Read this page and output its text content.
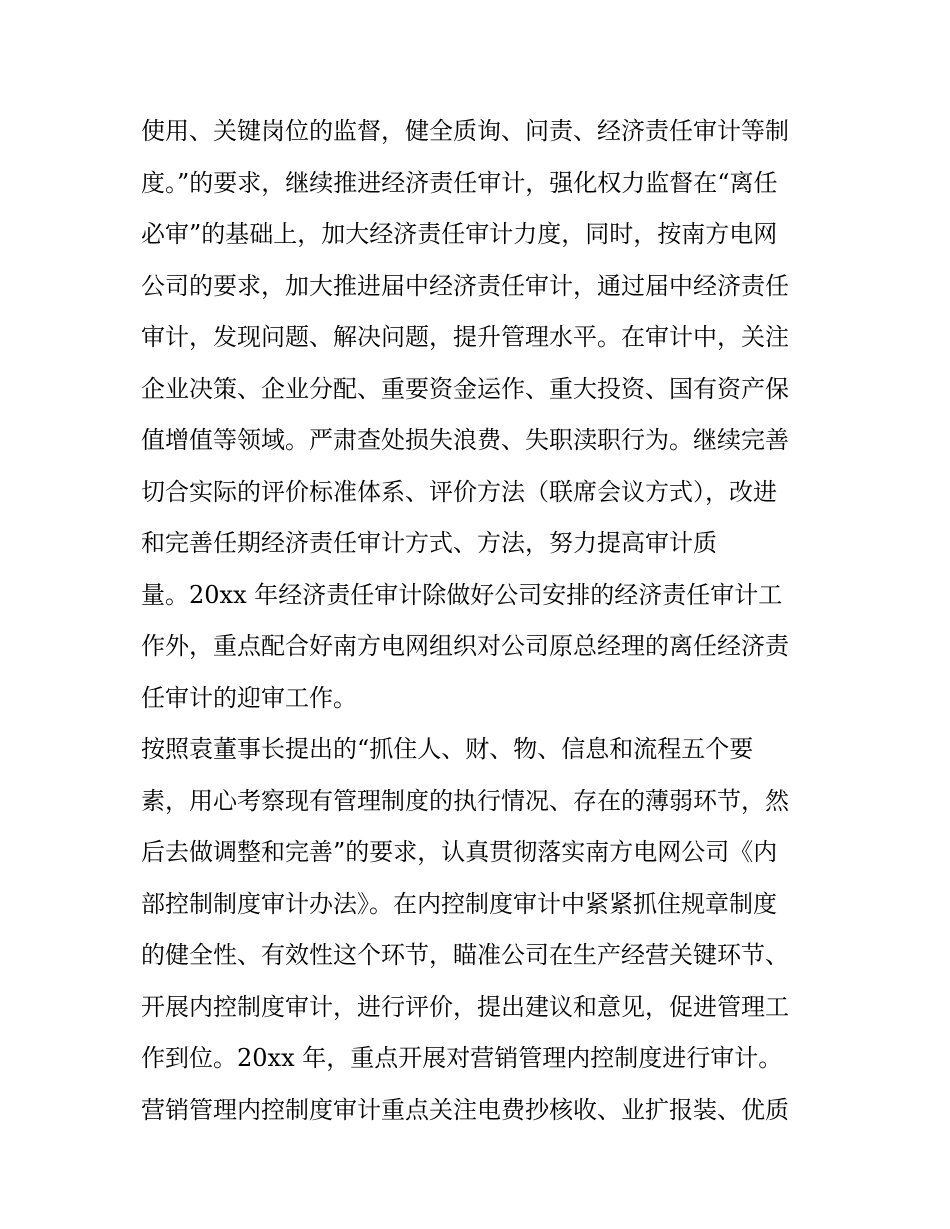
使用、关键岗位的监督，健全质询、问责、经济责任审计等制
度。”的要求，继续推进经济责任审计，强化权力监督在“离任
必审”的基础上，加大经济责任审计力度，同时，按南方电网
公司的要求，加大推进届中经济责任审计，通过届中经济责任
审计，发现问题、解决问题，提升管理水平。在审计中，关注
企业决策、企业分配、重要资金运作、重大投资、国有资产保
值增值等领域。严肃查处损失浪费、失职渎职行为。继续完善
切合实际的评价标准体系、评价方法（联席会议方式），改进
和完善任期经济责任审计方式、方法，努力提高审计质
量。20xx 年经济责任审计除做好公司安排的经济责任审计工
作外，重点配合好南方电网组织对公司原总经理的离任经济责
任审计的迎审工作。
按照袁董事长提出的“抓住人、财、物、信息和流程五个要
素，用心考察现有管理制度的执行情况、存在的薄弱环节，然
后去做调整和完善”的要求，认真贯彻落实南方电网公司《内
部控制制度审计办法》。在内控制度审计中紧紧抓住规章制度
的健全性、有效性这个环节，瞄准公司在生产经营关键环节、
开展内控制度审计，进行评价，提出建议和意见，促进管理工
作到位。20xx 年，重点开展对营销管理内控制度进行审计。
营销管理内控制度审计重点关注电费抄核收、业扩报装、优质
